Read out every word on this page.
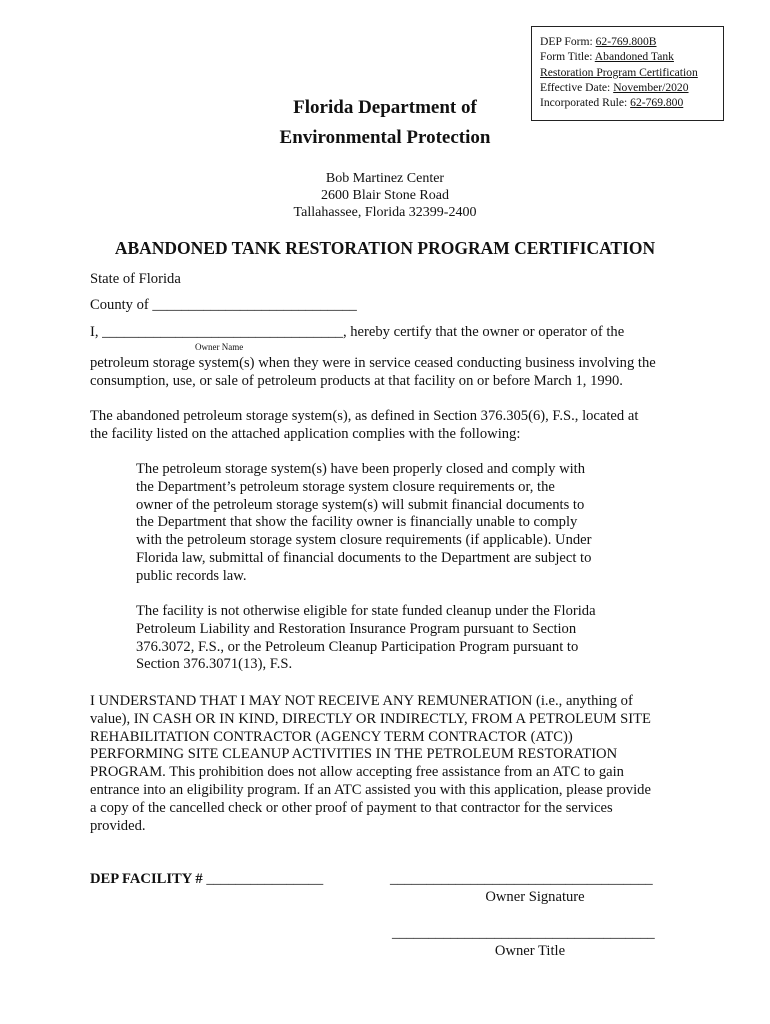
DEP Form: 62-769.800B
Form Title: Abandoned Tank
Restoration Program Certification
Effective Date: November/2020
Incorporated Rule: 62-769.800
Florida Department of
Environmental Protection
Bob Martinez Center
2600 Blair Stone Road
Tallahassee, Florida 32399-2400
ABANDONED TANK RESTORATION PROGRAM CERTIFICATION
State of Florida
County of ____________________________
I, _________________________________, hereby certify that the owner or operator of the
Owner Name
petroleum storage system(s) when they were in service ceased conducting business involving the
consumption, use, or sale of petroleum products at that facility on or before March 1, 1990.
The abandoned petroleum storage system(s), as defined in Section 376.305(6), F.S., located at
the facility listed on the attached application complies with the following:
The petroleum storage system(s) have been properly closed and comply with
the Department’s petroleum storage system closure requirements or, the
owner of the petroleum storage system(s) will submit financial documents to
the Department that show the facility owner is financially unable to comply
with the petroleum storage system closure requirements (if applicable). Under
Florida law, submittal of financial documents to the Department are subject to
public records law.
The facility is not otherwise eligible for state funded cleanup under the Florida
Petroleum Liability and Restoration Insurance Program pursuant to Section
376.3072, F.S., or the Petroleum Cleanup Participation Program pursuant to
Section 376.3071(13), F.S.
I UNDERSTAND THAT I MAY NOT RECEIVE ANY REMUNERATION (i.e., anything of
value), IN CASH OR IN KIND, DIRECTLY OR INDIRECTLY, FROM A PETROLEUM SITE
REHABILITATION CONTRACTOR (AGENCY TERM CONTRACTOR (ATC))
PERFORMING SITE CLEANUP ACTIVITIES IN THE PETROLEUM RESTORATION
PROGRAM. This prohibition does not allow accepting free assistance from an ATC to gain
entrance into an eligibility program. If an ATC assisted you with this application, please provide
a copy of the cancelled check or other proof of payment to that contractor for the services
provided.
DEP FACILITY # ________________	____________________________________
Owner Signature
____________________________________
Owner Title
